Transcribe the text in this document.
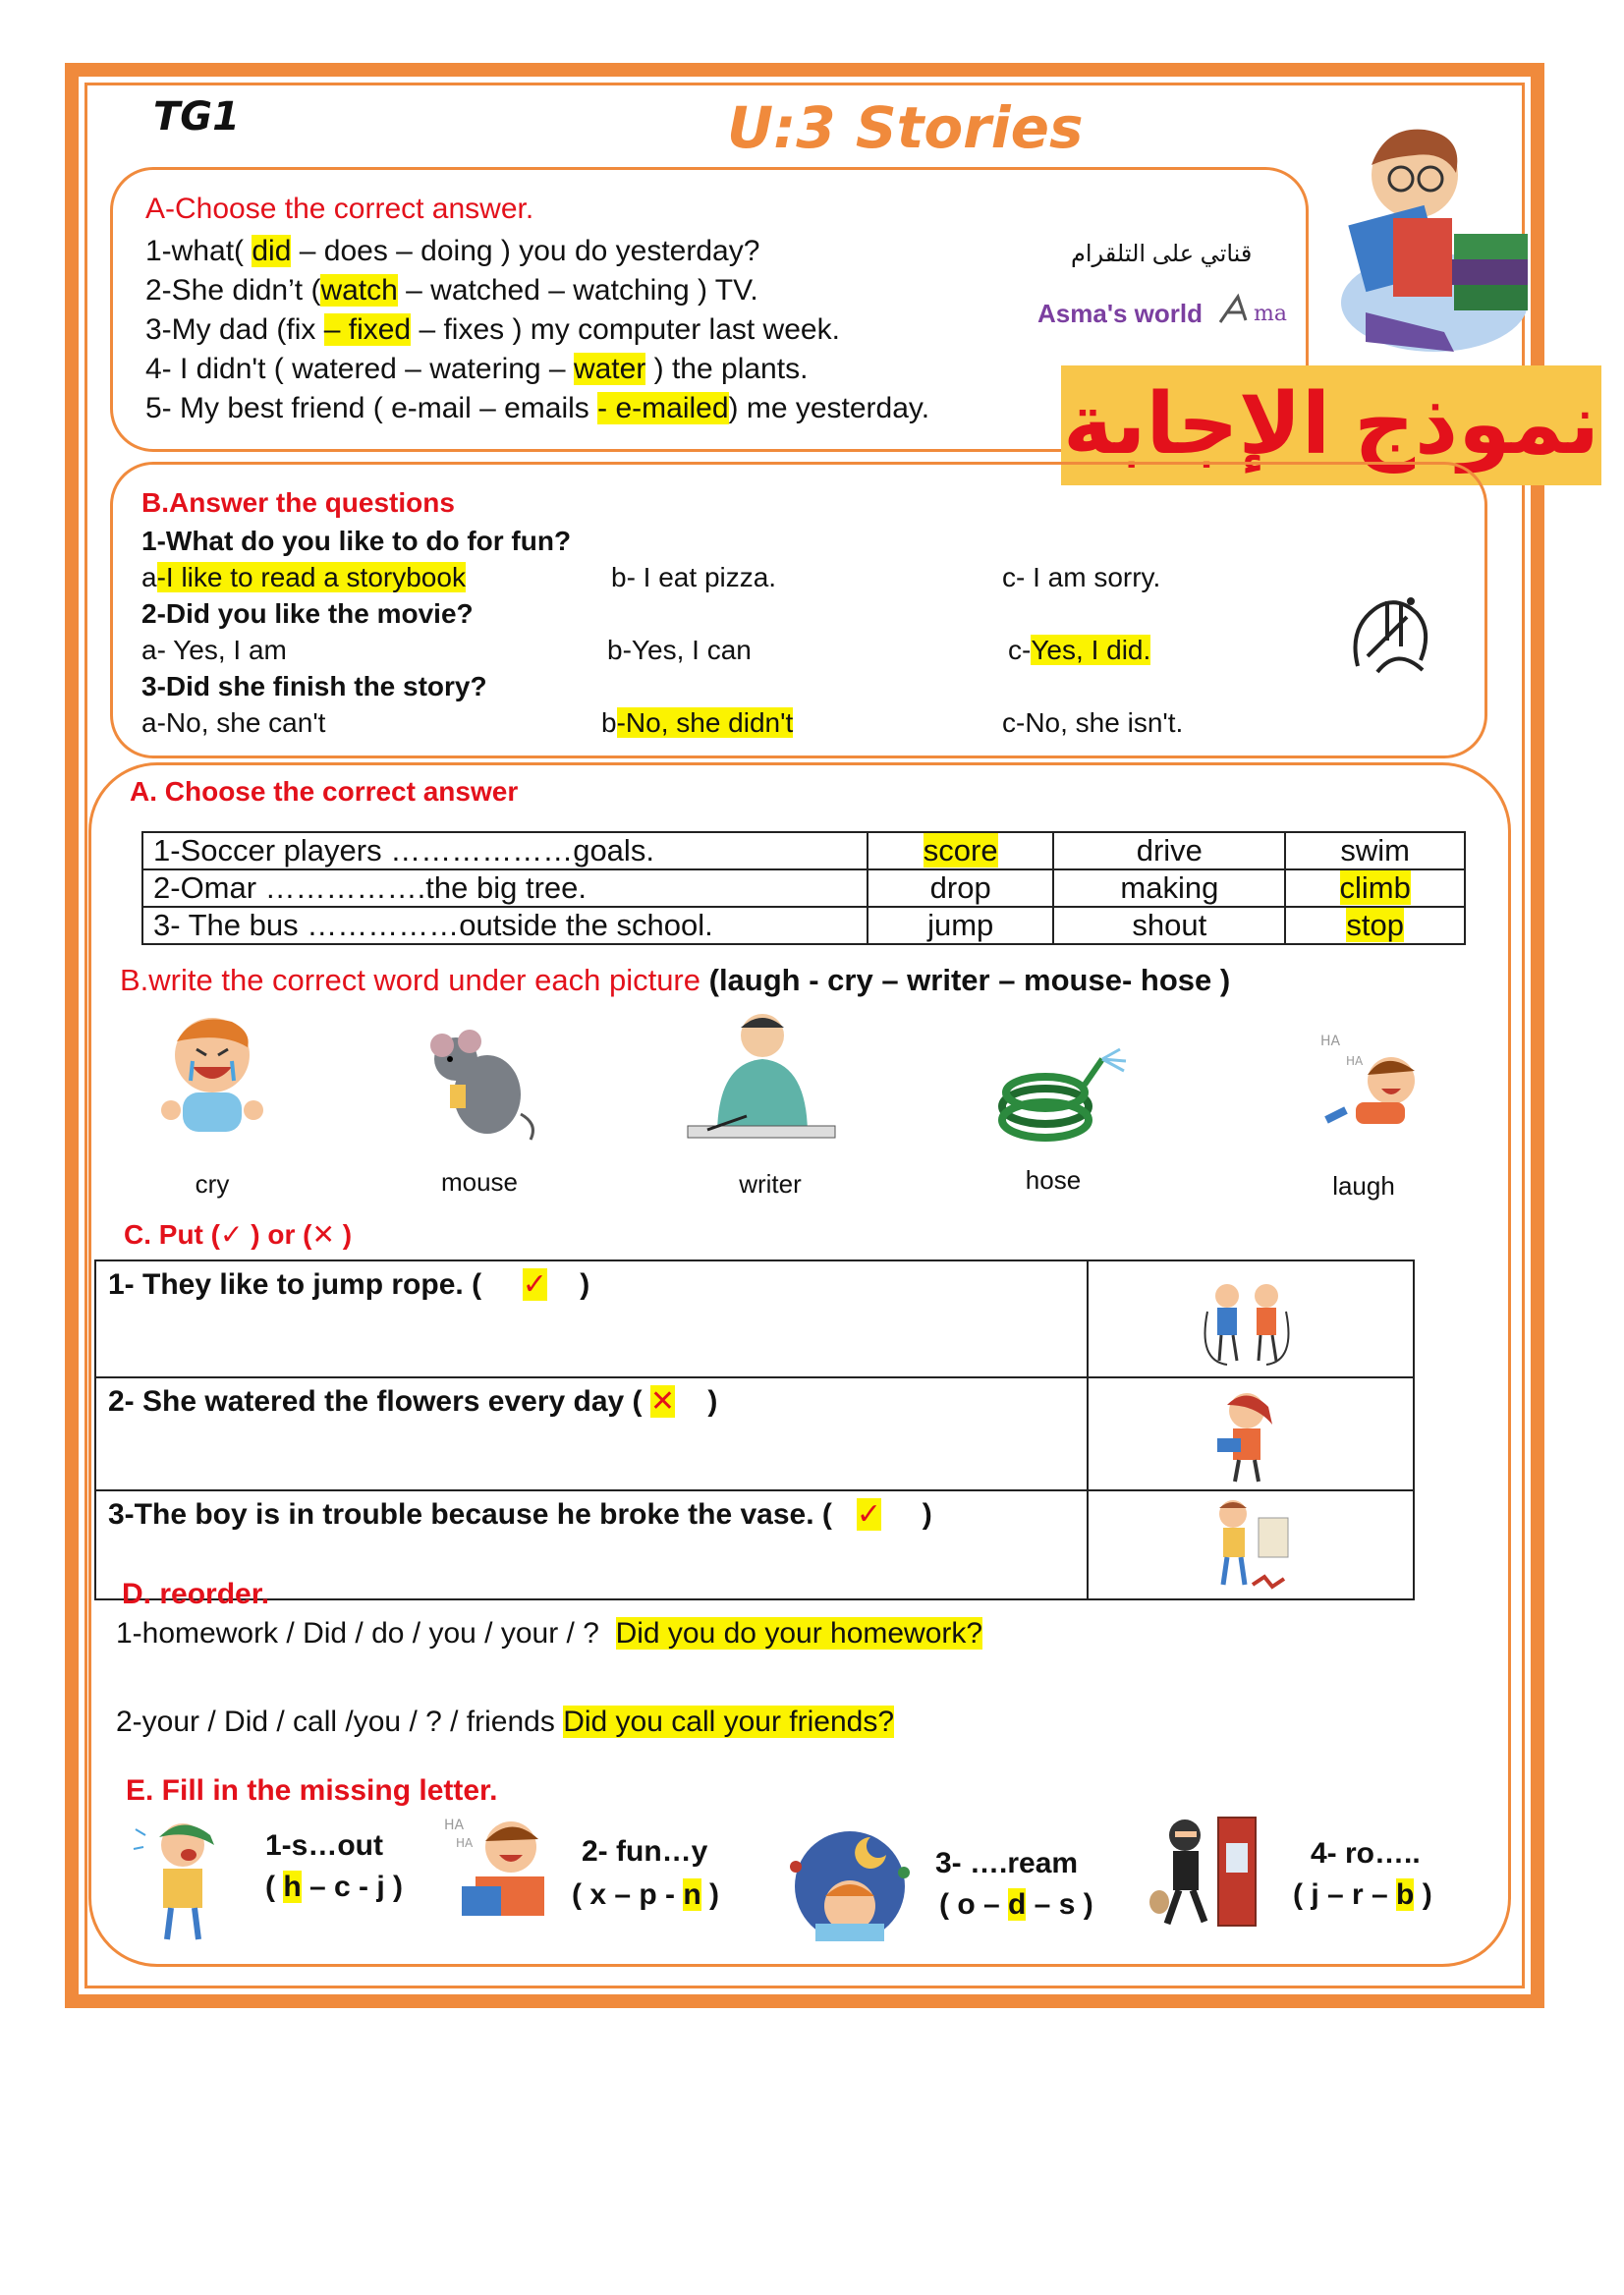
TG1	U:3 Stories
قناتي على التلقرام
Asma's world ma
A-Choose the correct answer.
1-what( did – does – doing ) you do yesterday?
2-She didn’t (watch – watched – watching ) TV.
3-My dad (fix – fixed – fixes ) my computer last week.
4- I didn't ( watered – watering – water ) the plants.
5- My best friend ( e-mail – emails - e-mailed) me yesterday. نموذج الإجابة
B.Answer the questions
1-What do you like to do for fun?
a-I like to read a storybook	b- I eat pizza.	c- I am sorry.
2-Did you like the movie?
a- Yes, I am	b-Yes, I can	c-Yes, I did.
3-Did she finish the story?
a-No, she can't	b-No, she didn't	c-No, she isn't.
A. Choose the correct answer
1-Soccer players ………………goals.	score	drive	swim
2-Omar …………….the big tree.	drop	making	climb
3- The bus ……………outside the school.	jump	shout	stop
B.write the correct word under each picture (laugh - cry – writer – mouse- hose )
HA
HA
cry	mouse	writer	hose	laugh
C. Put (✓ ) or (✕ )
1- They like to jump rope. ( ✓ )	
2- She watered the flowers every day ( ✕ )	
3-The boy is in trouble because he broke the vase. ( ✓ )	
D. reorder.
1-homework / Did / do / you / your / ? Did you do your homework?
2-your / Did / call /you / ? / friends Did you call your friends?
E. Fill in the missing letter.
1-s…out
( h – c - j )
HA
HA	2- fun…y
( x – p - n )
3- ….ream
( o – d – s )
4- ro…..
( j – r – b )
